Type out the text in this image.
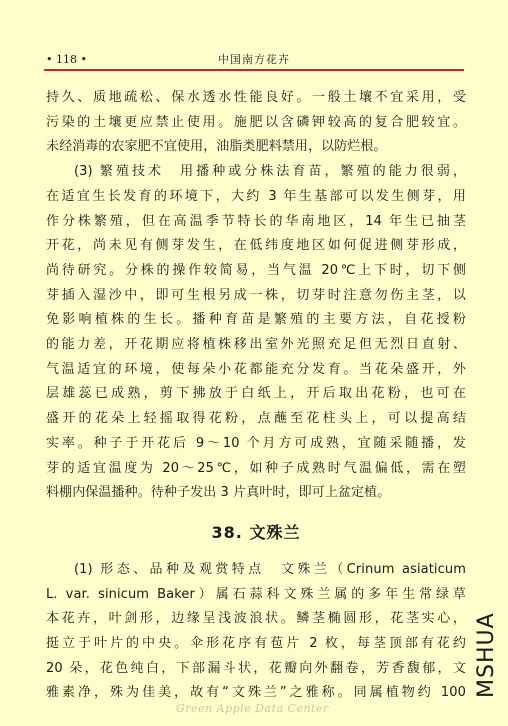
• 118 •	中国南方花卉

持久、质地疏松、保水透水性能良好。一般土壤不宜采用，受

污染的土壤更应禁止使用。施肥以含磷钾较高的复合肥较宜。

未经消毒的农家肥不宜使用，油脂类肥料禁用，以防烂根。

(3) 繁殖技术　用播种或分株法育苗，繁殖的能力很弱，

在适宜生长发育的环境下，大约 3 年生基部可以发生侧芽，用

作分株繁殖，但在高温季节特长的华南地区，14 年生已抽茎

开花，尚未见有侧芽发生，在低纬度地区如何促进侧芽形成，

尚待研究。分株的操作较简易，当气温 20℃上下时，切下侧

芽插入湿沙中，即可生根另成一株，切芽时注意勿伤主茎，以

免影响植株的生长。播种育苗是繁殖的主要方法，自花授粉

的能力差，开花期应将植株移出室外光照充足但无烈日直射、

气温适宜的环境，使每朵小花都能充分发育。当花朵盛开，外

层雄蕊已成熟，剪下拂放于白纸上，开后取出花粉，也可在

盛开的花朵上轻摇取得花粉，点蘸至花柱头上，可以提高结

实率。种子于开花后 9～10 个月方可成熟，宜随采随播，发

芽的适宜温度为 20～25℃，如种子成熟时气温偏低，需在塑

料棚内保温播种。待种子发出 3 片真叶时，即可上盆定植。

38. 文殊兰

(1) 形态、品种及观赏特点　文殊兰（Crinum asiaticum

L. var. sinicum Baker）属石蒜科文殊兰属的多年生常绿草

本花卉，叶剑形，边缘呈浅波浪状。鳞茎椭圆形，花茎实心，

挺立于叶片的中央。伞形花序有苞片 2 枚，每茎顶部有花约

20 朵，花色纯白，下部漏斗状，花瓣向外翻卷，芳香馥郁，文

雅素净，殊为佳美，故有“文殊兰”之雅称。同属植物约 100 MSHUA
Green Apple Data Center
